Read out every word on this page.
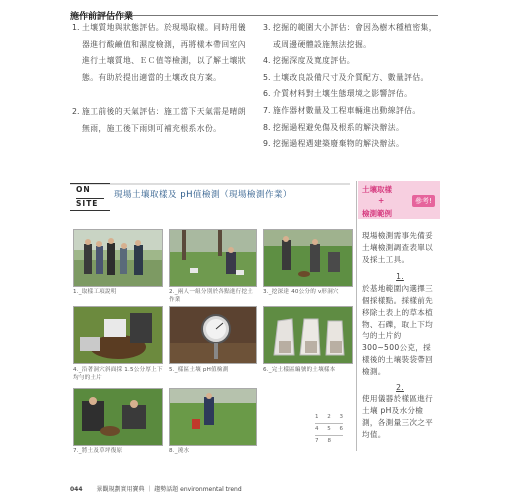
施作前評估作業
1. 土壤質地與狀態評估。於現場取樣。同時用儀器進行酸鹼值和濕度檢測，再將樣本帶回室內進行土壤質地、ＥＣ值等檢測，以了解土壤狀態。有助於提出適當的土壤改良方案。
2. 施工前後的天氣評估：施工當下天氣需是晴朗無雨，施工後下雨則可補充根系水份。
3. 挖掘的範圍大小評估：會因為樹木種植密集，或周邊硬體設施無法挖掘。
4. 挖掘深度及寬度評估。
5. 土壤改良設備尺寸及介質配方、數量評估。
6. 介質材料對土壤生態環境之影響評估。
7. 施作器材數量及工程車輛進出動線評估。
8. 挖掘過程避免傷及根系的解決辦法。
9. 挖掘過程遇建築廢棄物的解決辦法。
ON
SITE
現場土壤取樣及 pH值檢測（現場檢測作業）
1._取樣工項說明	2._兩人一組分別於各點進行挖土作業
3._挖深達 40公分的 ν形洞穴
4._沿著洞穴斜面採 1.5公分厚上下均勻的土片
5._樣區土壤 pH值檢測	6._完土樣區編號的土壤樣本
7._將土及草坪復原	8._澆水
1 2 3
4 5 6
7 8
土壤取樣
+
檢測範例
參考!

現場檢測需事先備妥土壤檢測調查表單以及採土工具。

1.

於基地範圍內選擇三個採樣點。採樣前先移除土表上的草本植物、石礫，取上下均勻的土片約 300~500公克，採樣後的土壤裝袋帶回檢測。

2.

使用儀器於樣區進行土壤 pH及水分檢測，各測量三次之平均值。

044 景觀規劃實用寶典 ｜ 趨勢話題 environmental trend
